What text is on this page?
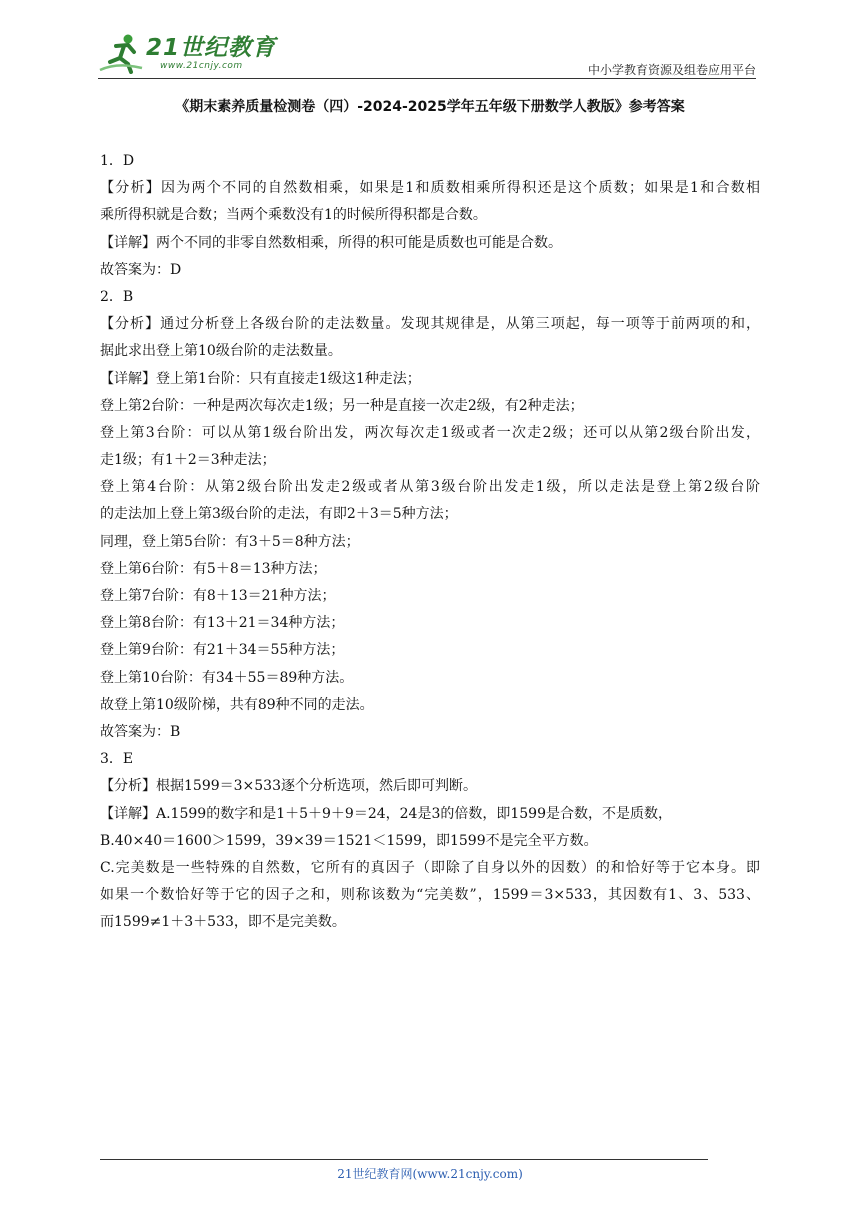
21世纪教育
www.21cnjy.com	中小学教育资源及组卷应用平台
《期末素养质量检测卷（四）-2024-2025学年五年级下册数学人教版》参考答案
1．D
【分析】因为两个不同的自然数相乘，如果是1和质数相乘所得积还是这个质数；如果是1和合数相
乘所得积就是合数；当两个乘数没有1的时候所得积都是合数。
【详解】两个不同的非零自然数相乘，所得的积可能是质数也可能是合数。
故答案为：D
2．B
【分析】通过分析登上各级台阶的走法数量。发现其规律是，从第三项起，每一项等于前两项的和，
据此求出登上第10级台阶的走法数量。
【详解】登上第1台阶：只有直接走1级这1种走法；
登上第2台阶：一种是两次每次走1级；另一种是直接一次走2级，有2种走法；
登上第3台阶：可以从第1级台阶出发，两次每次走1级或者一次走2级；还可以从第2级台阶出发，
走1级；有1＋2＝3种走法；
登上第4台阶：从第2级台阶出发走2级或者从第3级台阶出发走1级，所以走法是登上第2级台阶
的走法加上登上第3级台阶的走法，有即2＋3＝5种方法；
同理，登上第5台阶：有3＋5＝8种方法；
登上第6台阶：有5＋8＝13种方法；
登上第7台阶：有8＋13＝21种方法；
登上第8台阶：有13＋21＝34种方法；
登上第9台阶：有21＋34＝55种方法；
登上第10台阶：有34＋55＝89种方法。
故登上第10级阶梯，共有89种不同的走法。
故答案为：B
3．E
【分析】根据1599＝3×533逐个分析选项，然后即可判断。
【详解】A.1599的数字和是1＋5＋9＋9＝24，24是3的倍数，即1599是合数，不是质数，
B.40×40＝1600＞1599，39×39＝1521＜1599，即1599不是完全平方数。
C.完美数是一些特殊的自然数，它所有的真因子（即除了自身以外的因数）的和恰好等于它本身。即
如果一个数恰好等于它的因子之和，则称该数为“完美数”，1599＝3×533，其因数有1、3、533、
而1599≠1＋3＋533，即不是完美数。
21世纪教育网(www.21cnjy.com)
